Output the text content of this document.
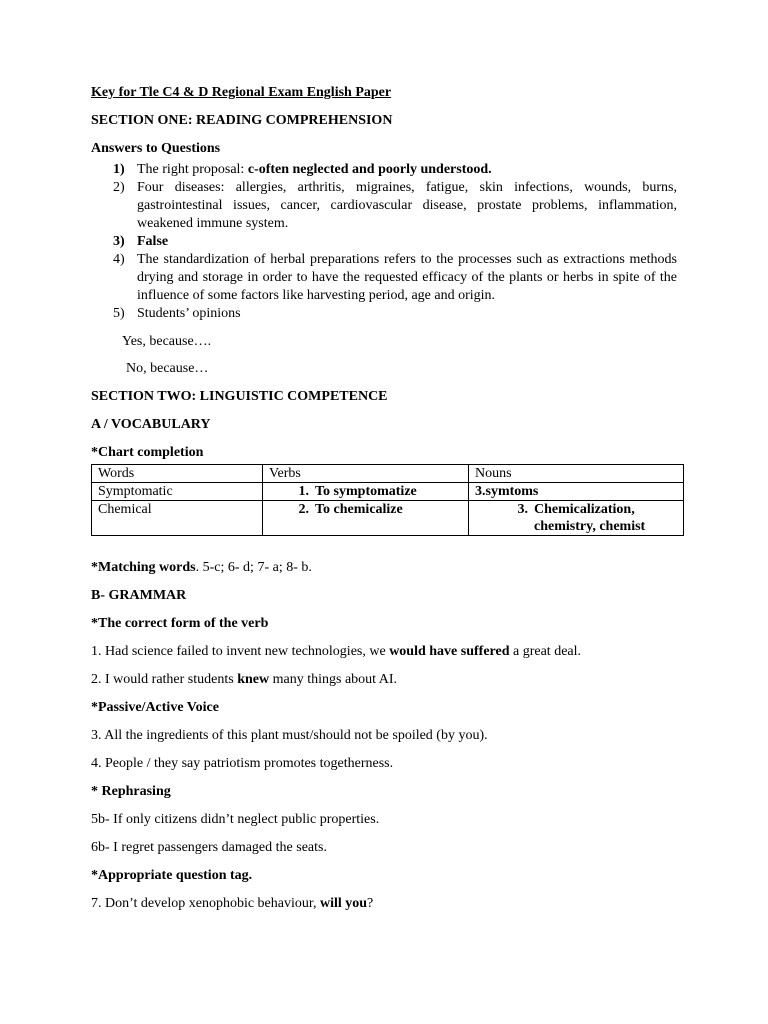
Key for Tle C4 & D Regional Exam English Paper

SECTION ONE: READING COMPREHENSION

Answers to Questions

1) The right proposal: c-often neglected and poorly understood.
2) Four diseases: allergies, arthritis, migraines, fatigue, skin infections, wounds, burns, gastrointestinal issues, cancer, cardiovascular disease, prostate problems, inflammation, weakened immune system.
3) False
4) The standardization of herbal preparations refers to the processes such as extractions methods drying and storage in order to have the requested efficacy of the plants or herbs in spite of the influence of some factors like harvesting period, age and origin.
5) Students’ opinions

Yes, because….

No, because…

SECTION TWO: LINGUISTIC COMPETENCE

A / VOCABULARY

*Chart completion

Words	Verbs	Nouns
Symptomatic	1. To symptomatize	3.symtoms
Chemical	2. To chemicalize	3. Chemicalization,
chemistry, chemist

*Matching words. 5-c; 6- d; 7- a; 8- b.

B- GRAMMAR

*The correct form of the verb

1. Had science failed to invent new technologies, we would have suffered a great deal.

2. I would rather students knew many things about AI.

*Passive/Active Voice

3. All the ingredients of this plant must/should not be spoiled (by you).

4. People / they say patriotism promotes togetherness.

* Rephrasing

5b- If only citizens didn’t neglect public properties.

6b- I regret passengers damaged the seats.

*Appropriate question tag.

7. Don’t develop xenophobic behaviour, will you?
